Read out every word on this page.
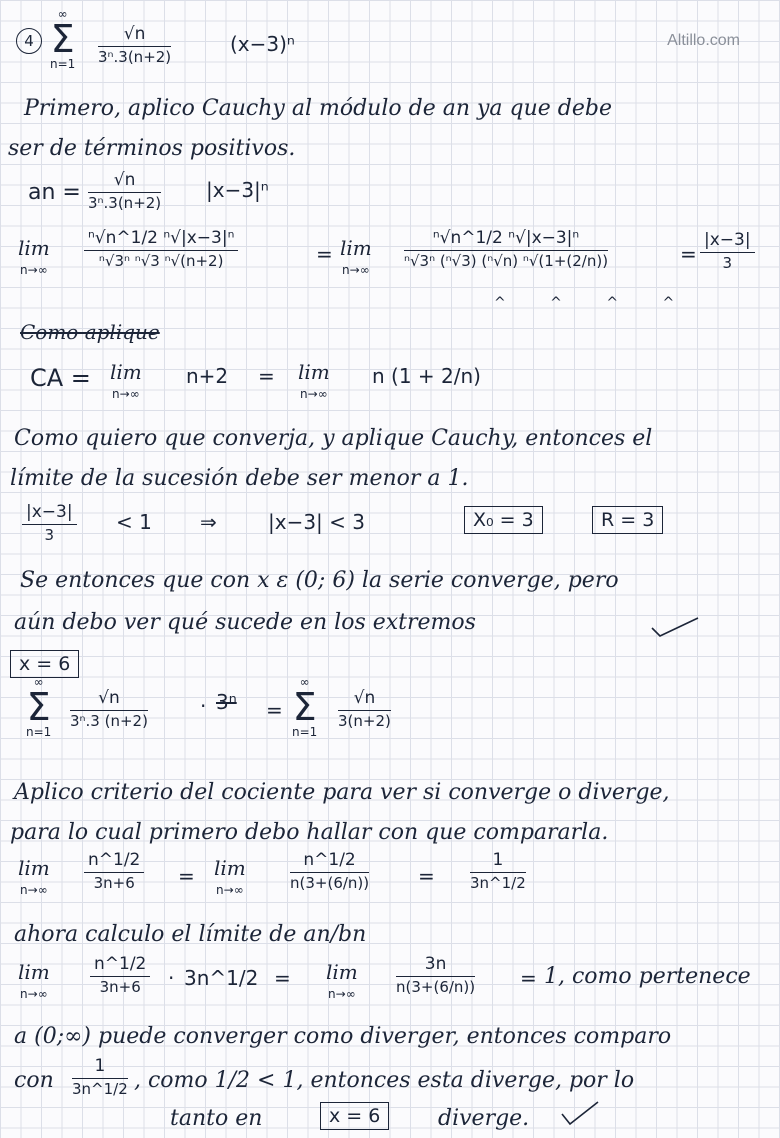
Altillo.com
4
∞
Σ
$n=1 \frac{√n}{\text{3ⁿ.3(n+2)}}$	(x−3)ⁿ
Primero, aplico Cauchy al módulo de an ya que debe
ser de términos positivos.
an = $\frac{√n}{\text{3ⁿ.3(n+2)}} |x-3|^n$
lim
n→∞
$\frac{\text{ⁿ√n\textasciicircum{}1/2 ⁿ√|x−3|ⁿ}}{\text{ⁿ√3ⁿ ⁿ√3 ⁿ√(n+2)}}$	= lim
n→∞
$\frac{\text{ⁿ√n\textasciicircum{}1/2 ⁿ√|x−3|ⁿ}}{\text{ⁿ√3ⁿ (ⁿ√3) (ⁿ√n) ⁿ√(1+(2/n))}}$	= $\frac{|x-3|}{3}$
^ ^ ^ ^
Como aplique
CA = lim
n→∞
n+2 = lim
n→∞
n (1 + 2/n)
Como quiero que converja, y aplique Cauchy, entonces el
límite de la sucesión debe ser menor a 1.
$\frac{|x-3|}{3} < 1$ ⇒	|x−3| < 3	X₀ = 3	R = 3
Se entonces que con x ε (0; 6) la serie converge, pero
aún debo ver qué sucede en los extremos
x = 6
∞
Σ
n=1
$\frac{√n}{\text{3ⁿ.3 (n+2)}}$	· 3ⁿ =
∞
Σ
n=1
$\frac{√n}{3(n+2)}$
Aplico criterio del cociente para ver si converge o diverge,
para lo cual primero debo hallar con que compararla.
lim
$n\to\infty \frac{n\^{}1/2}{3n+6} = \lim$
n→∞	$\frac{n\^{}1/2}{n(3+(6/n))} = \frac{1}{3n\^{}1/2}$
ahora calculo el límite de an/bn
lim
$n\to\infty \frac{n\^{}1/2}{3n+6}$ · 3n^1/2 = lim
$n\to\infty \frac{3n}{n(3+(6/n))} = 1$, como pertenece
a (0;∞) puede converger como diverger, entonces comparo
con $\frac{1}{3n\^{}1/2}$ , como 1/2 < 1, entonces esta diverge, por lo
tanto en	x = 6	diverge.
